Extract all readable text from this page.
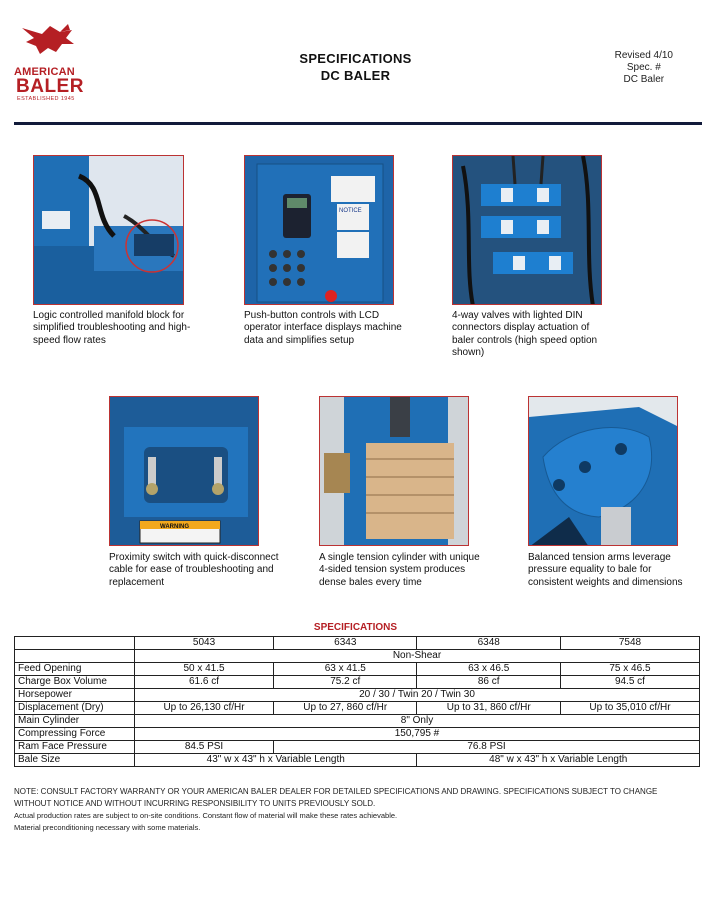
AMERICAN
BALER
ESTABLISHED 1945
SPECIFICATIONS
DC BALER
Revised 4/10
Spec. #
DC Baler
NOTICE
Logic controlled manifold block for simplified troubleshooting and high-speed flow rates
Push-button controls with LCD operator interface displays machine data and simplifies setup
4-way valves with lighted DIN connectors display actuation of baler controls (high speed option shown)
WARNING
Proximity switch with quick-disconnect cable for ease of troubleshooting and replacement
A single tension cylinder with unique 4-sided tension system produces dense bales every time
Balanced tension arms leverage pressure equality to bale for consistent weights and dimensions
SPECIFICATIONS
	5043	6343	6348	7548
	Non-Shear			
Feed Opening	50 x 41.5	63 x 41.5	63 x 46.5	75 x 46.5
Charge Box Volume	61.6 cf	75.2 cf	86 cf	94.5 cf
Horsepower	20 / 30 / Twin 20 / Twin 30			
Displacement (Dry)	Up to 26,130 cf/Hr	Up to 27, 860 cf/Hr	Up to 31, 860 cf/Hr	Up to 35,010 cf/Hr
Main Cylinder	8" Only			
Compressing Force	150,795 #			
Ram Face Pressure	84.5 PSI	76.8 PSI		
Bale Size	43" w x 43" h x Variable Length		48" w x 43" h x Variable Length	
NOTE: CONSULT FACTORY WARRANTY OR YOUR AMERICAN BALER DEALER FOR DETAILED SPECIFICATIONS AND DRAWING. SPECIFICATIONS SUBJECT TO CHANGE WITHOUT NOTICE AND WITHOUT INCURRING RESPONSIBILITY TO UNITS PREVIOUSLY SOLD.
Actual production rates are subject to on-site conditions. Constant flow of material will make these rates achievable.
Material preconditioning necessary with some materials.
